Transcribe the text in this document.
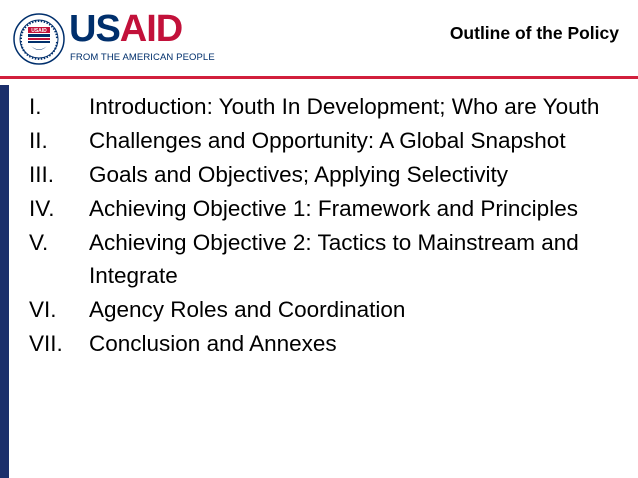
USAID USAID
FROM THE AMERICAN PEOPLE
Outline of the Policy
I. Introduction: Youth In Development; Who are Youth
II. Challenges and Opportunity: A Global Snapshot
III. Goals and Objectives; Applying Selectivity
IV. Achieving Objective 1: Framework and Principles
V. Achieving Objective 2: Tactics to Mainstream and Integrate
VI. Agency Roles and Coordination
VII. Conclusion and Annexes
